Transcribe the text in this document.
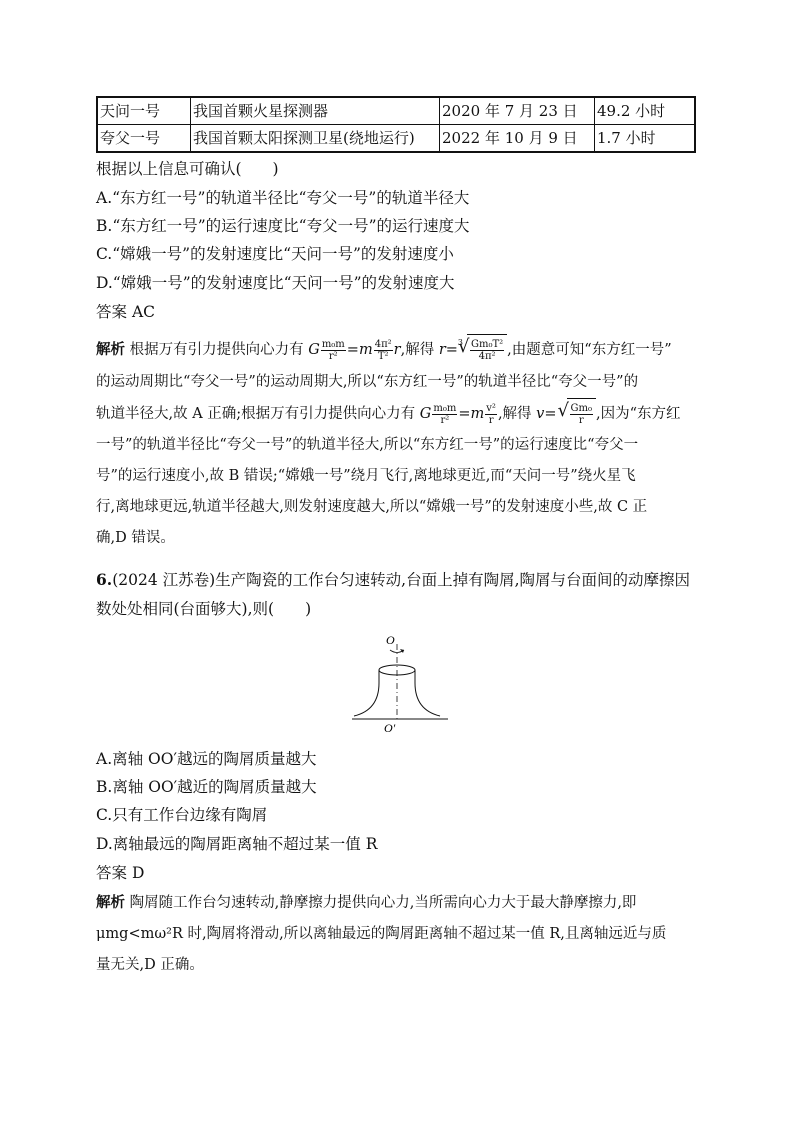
天问一号	我国首颗火星探测器	2020 年 7 月 23 日	49.2 小时
夸父一号	我国首颗太阳探测卫星(绕地运行)	2022 年 10 月 9 日	1.7 小时
根据以上信息可确认(　　)
A.“东方红一号”的轨道半径比“夸父一号”的轨道半径大
B.“东方红一号”的运行速度比“夸父一号”的运行速度大
C.“嫦娥一号”的发射速度比“天问一号”的发射速度小
D.“嫦娥一号”的发射速度比“天问一号”的发射速度大
答案 AC

解析 根据万有引力提供向心力有 G $\frac{\text{m₀m}}{\text{r²}} =m \frac{\text{4π²}}{\text{T²}} r$,解得 r=$^3$ √ $\frac{\text{Gm₀T²}}{\text{4π²}}$ ,由题意可知“东方红一号”

的运动周期比“夸父一号”的运动周期大,所以“东方红一号”的轨道半径比“夸父一号”的

轨道半径大,故 A 正确;根据万有引力提供向心力有 G $\frac{\text{m₀m}}{\text{r²}} =m \frac{\text{v²}}{r}$ ,解得 v= √ $\frac{\text{Gm₀}}{r}$ ,因为“东方红

一号”的轨道半径比“夸父一号”的轨道半径大,所以“东方红一号”的运行速度比“夸父一

号”的运行速度小,故 B 错误;“嫦娥一号”绕月飞行,离地球更近,而“天问一号”绕火星飞

行,离地球更远,轨道半径越大,则发射速度越大,所以“嫦娥一号”的发射速度小些,故 C 正

确,D 错误。

6.(2024 江苏卷)生产陶瓷的工作台匀速转动,台面上掉有陶屑,陶屑与台面间的动摩擦因
数处处相同(台面够大),则(　　)
O
O′
A.离轴 OO′越远的陶屑质量越大
B.离轴 OO′越近的陶屑质量越大
C.只有工作台边缘有陶屑
D.离轴最远的陶屑距离轴不超过某一值 R
答案 D

解析 陶屑随工作台匀速转动,静摩擦力提供向心力,当所需向心力大于最大静摩擦力,即

μmg<mω²R 时,陶屑将滑动,所以离轴最远的陶屑距离轴不超过某一值 R,且离轴远近与质

量无关,D 正确。
